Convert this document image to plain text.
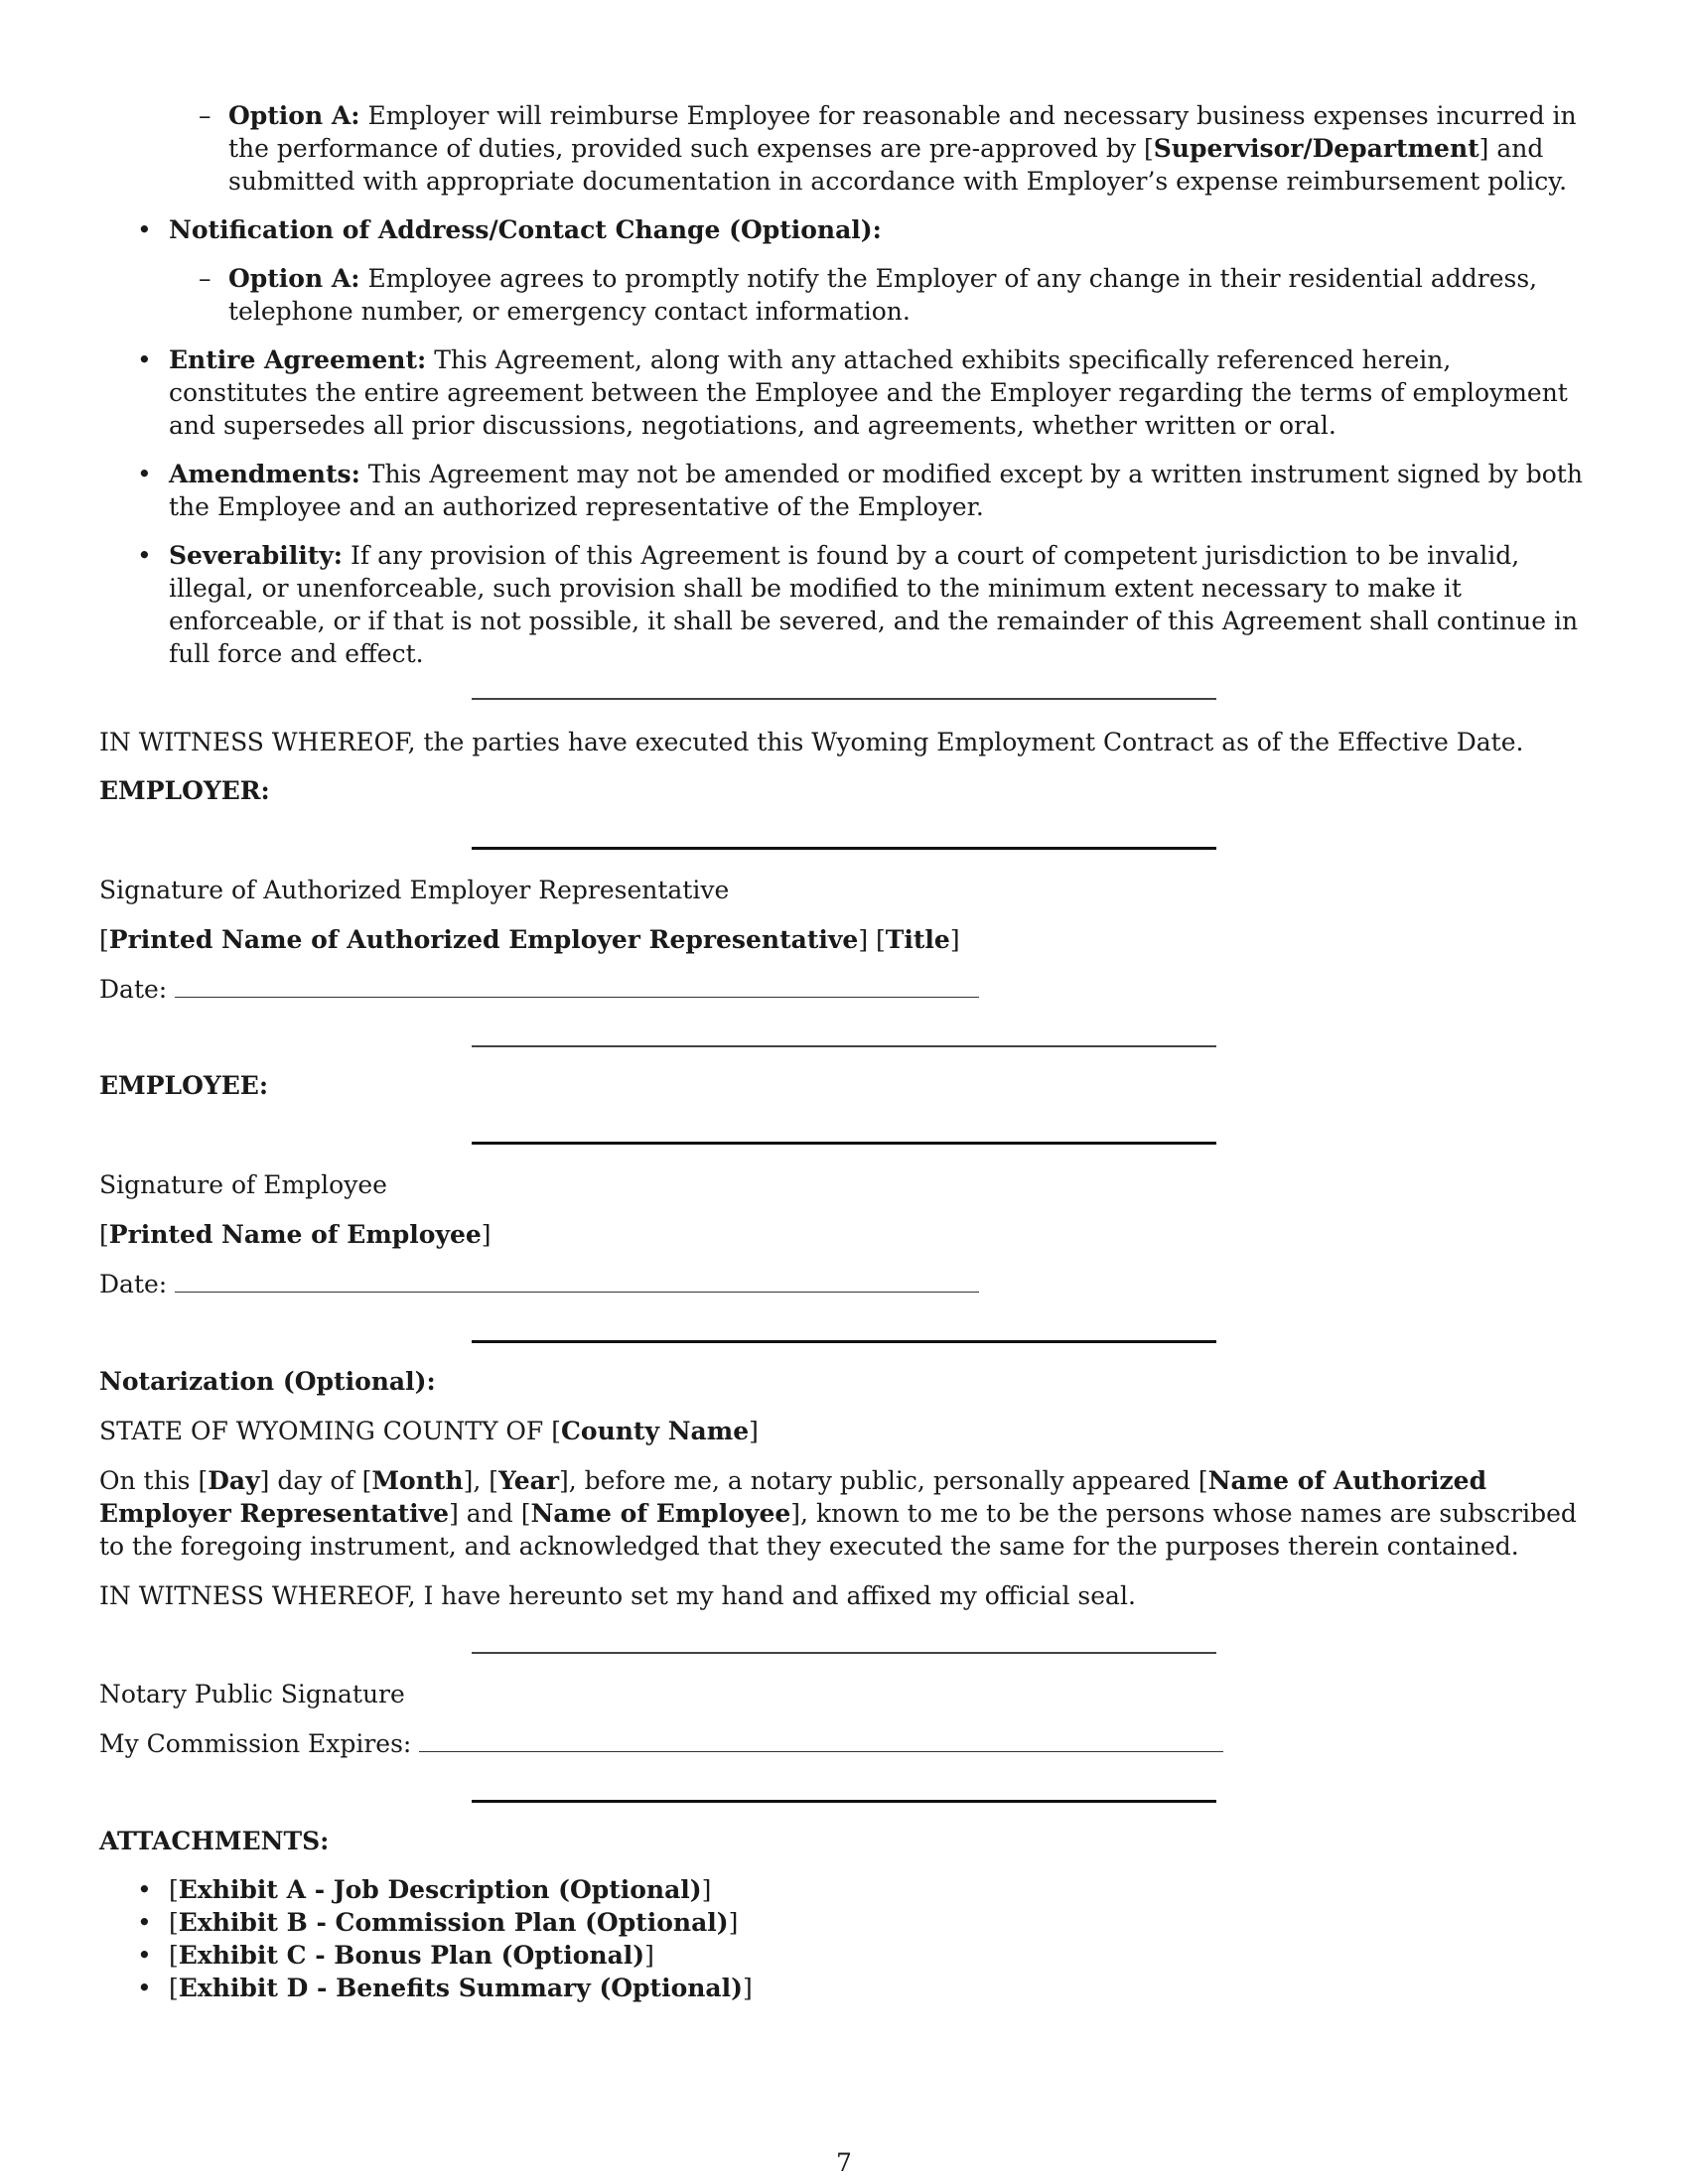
– Option A: Employer will reimburse Employee for reasonable and necessary business expenses incurred in the performance of duties, provided such expenses are pre-approved by [Supervisor/Department] and submitted with appropriate documentation in accordance with Employer’s expense reimbursement policy.
• Notification of Address/Contact Change (Optional):
– Option A: Employee agrees to promptly notify the Employer of any change in their residential address, telephone number, or emergency contact information.
• Entire Agreement: This Agreement, along with any attached exhibits specifically referenced herein, constitutes the entire agreement between the Employee and the Employer regarding the terms of employment and supersedes all prior discussions, negotiations, and agreements, whether written or oral.
• Amendments: This Agreement may not be amended or modified except by a written instrument signed by both the Employee and an authorized representative of the Employer.
• Severability: If any provision of this Agreement is found by a court of competent jurisdiction to be invalid, illegal, or unenforceable, such provision shall be modified to the minimum extent necessary to make it enforceable, or if that is not possible, it shall be severed, and the remainder of this Agreement shall continue in full force and effect.

IN WITNESS WHEREOF, the parties have executed this Wyoming Employment Contract as of the Effective Date.

EMPLOYER:

Signature of Authorized Employer Representative

[Printed Name of Authorized Employer Representative] [Title]

Date:

EMPLOYEE:

Signature of Employee

[Printed Name of Employee]

Date:

Notarization (Optional):

STATE OF WYOMING COUNTY OF [County Name]

On this [Day] day of [Month], [Year], before me, a notary public, personally appeared [Name of Authorized Employer Representative] and [Name of Employee], known to me to be the persons whose names are subscribed to the foregoing instrument, and acknowledged that they executed the same for the purposes therein contained.

IN WITNESS WHEREOF, I have hereunto set my hand and affixed my official seal.

Notary Public Signature

My Commission Expires:

ATTACHMENTS:

• [Exhibit A - Job Description (Optional)]
• [Exhibit B - Commission Plan (Optional)]
• [Exhibit C - Bonus Plan (Optional)]
• [Exhibit D - Benefits Summary (Optional)]
7
